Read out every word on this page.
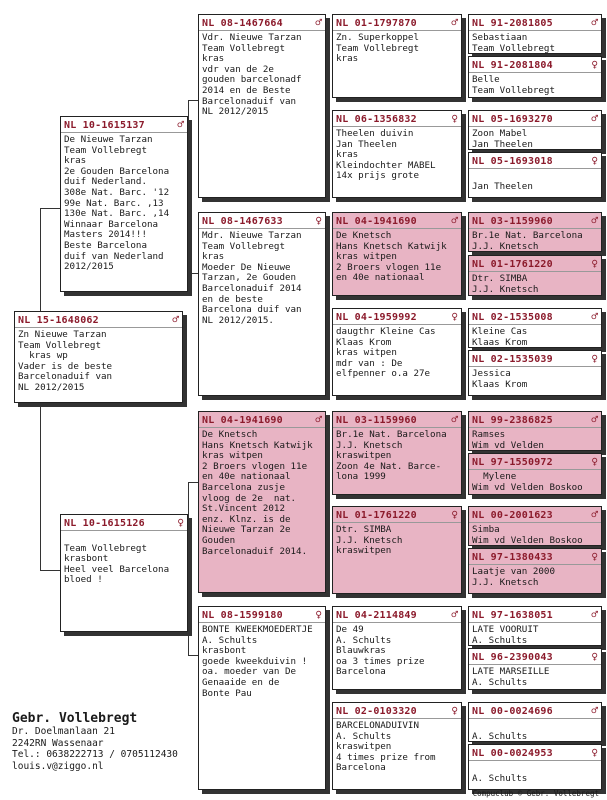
NL 15-1648062	♂
Zn Nieuwe Tarzan
Team Vollebregt
kras wp
Vader is de beste
Barcelonaduif van
NL 2012/2015
NL 10-1615137	♂
De Nieuwe Tarzan
Team Vollebregt
kras
2e Gouden Barcelona
duif Nederland.
308e Nat. Barc. '12
99e Nat. Barc. ,13
130e Nat. Barc. ,14
Winnaar Barcelona
Masters 2014!!!
Beste Barcelona
duif van Nederland
2012/2015
NL 10-1615126	♀

Team Vollebregt
krasbont
Heel veel Barcelona
bloed !
NL 08-1467664	♂
Vdr. Nieuwe Tarzan
Team Vollebregt
kras
vdr van de 2e
gouden barcelonadf
2014 en de Beste
Barcelonaduif van
NL 2012/2015
NL 08-1467633	♀
Mdr. Nieuwe Tarzan
Team Vollebregt
kras
Moeder De Nieuwe
Tarzan, 2e Gouden
Barcelonaduif 2014
en de beste
Barcelona duif van
NL 2012/2015.
NL 04-1941690	♂
De Knetsch
Hans Knetsch Katwijk
kras witpen
2 Broers vlogen 11e
en 40e nationaal
Barcelona zusje
vloog de 2e  nat.
St.Vincent 2012
enz. Klnz. is de
Nieuwe Tarzan 2e
Gouden
Barcelonaduif 2014.
NL 08-1599180	♀
BONTE KWEEKMOEDERTJE
A. Schults
krasbont
goede kweekduivin !
oa. moeder van De
Genaaide en de
Bonte Pau
NL 01-1797870	♂
Zn. Superkoppel
Team Vollebregt
kras
NL 06-1356832	♀
Theelen duivin
Jan Theelen
kras
Kleindochter MABEL
14x prijs grote
NL 04-1941690	♂
De Knetsch
Hans Knetsch Katwijk
kras witpen
2 Broers vlogen 11e
en 40e nationaal
NL 04-1959992	♀
daugthr Kleine Cas
Klaas Krom
kras witpen
mdr van : De
elfpenner o.a 27e
NL 03-1159960	♂
Br.1e Nat. Barcelona
J.J. Knetsch
kraswitpen
Zoon 4e Nat. Barce-
lona 1999
NL 01-1761220	♀
Dtr. SIMBA
J.J. Knetsch
kraswitpen
NL 04-2114849	♂
De 49
A. Schults
Blauwkras
oa 3 times prize
Barcelona
NL 02-0103320	♀
BARCELONADUIVIN
A. Schults
kraswitpen
4 times prize from
Barcelona
NL 91-2081805	♂
Sebastiaan
Team Vollebregt
NL 91-2081804	♀
Belle
Team Vollebregt
NL 05-1693270	♂
Zoon Mabel
Jan Theelen
NL 05-1693018	♀

Jan Theelen
NL 03-1159960	♂
Br.1e Nat. Barcelona
J.J. Knetsch
NL 01-1761220	♀
Dtr. SIMBA
J.J. Knetsch
NL 02-1535008	♂
Kleine Cas
Klaas Krom
NL 02-1535039	♀
Jessica
Klaas Krom
NL 99-2386825	♂
Ramses
Wim vd Velden
NL 97-1550972	♀
Mylene
Wim vd Velden Boskoo
NL 00-2001623	♂
Simba
Wim vd Velden Boskoo
NL 97-1380433	♀
Laatje van 2000
J.J. Knetsch
NL 97-1638051	♂
LATE VOORUIT
A. Schults
NL 96-2390043	♀
LATE MARSEILLE
A. Schults
NL 00-0024696	♂

A. Schults
NL 00-0024953	♀

A. Schults
Gebr. Vollebregt
Dr. Doelmanlaan 21
2242RN Wassenaar
Tel.: 0638222713 / 0705112430
louis.v@ziggo.nl
Compuclub © Gebr. Vollebregt
